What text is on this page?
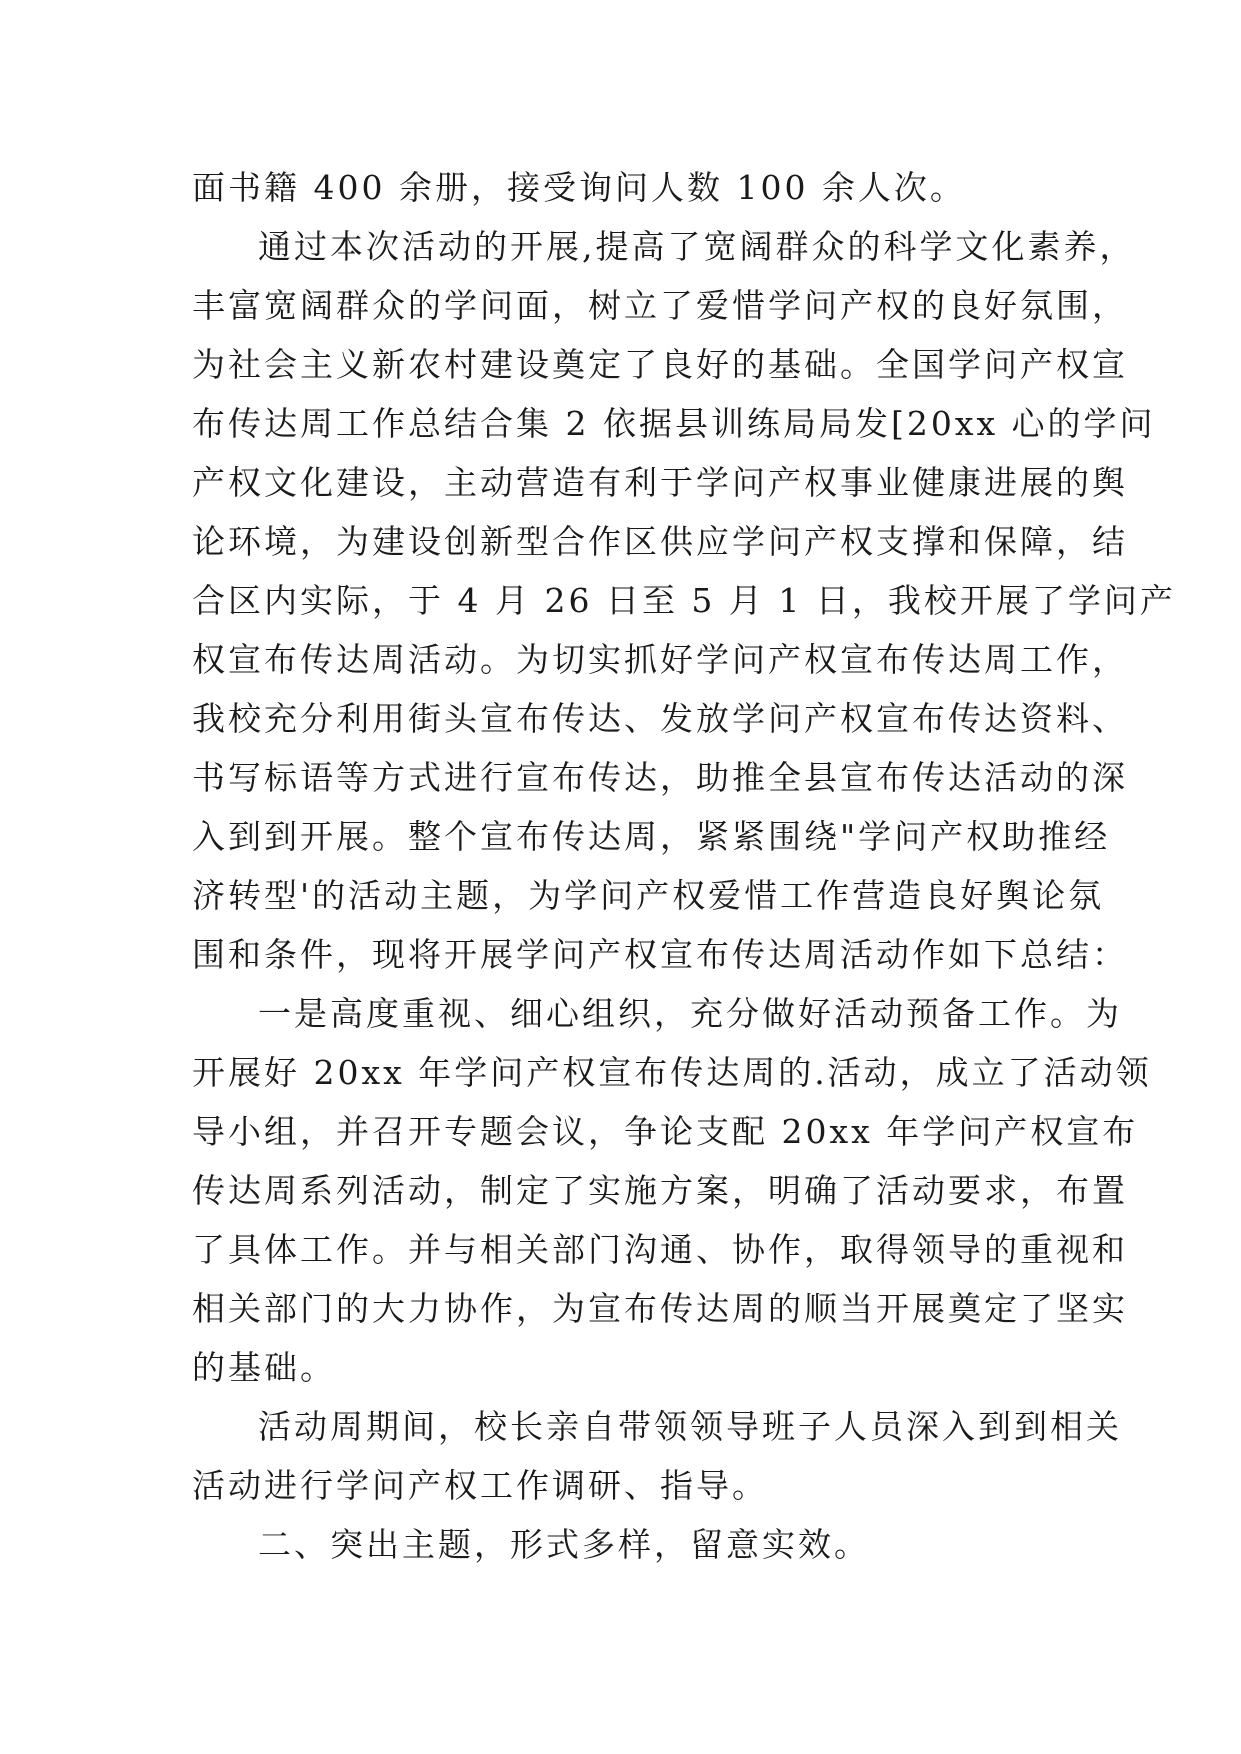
面书籍 400 余册，接受询问人数 100 余人次。
通过本次活动的开展,提高了宽阔群众的科学文化素养，
丰富宽阔群众的学问面，树立了爱惜学问产权的良好氛围，
为社会主义新农村建设奠定了良好的基础。全国学问产权宣
布传达周工作总结合集 2 依据县训练局局发[20xx 心的学问
产权文化建设，主动营造有利于学问产权事业健康进展的舆
论环境，为建设创新型合作区供应学问产权支撑和保障，结
合区内实际，于 4 月 26 日至 5 月 1 日，我校开展了学问产
权宣布传达周活动。为切实抓好学问产权宣布传达周工作，
我校充分利用街头宣布传达、发放学问产权宣布传达资料、
书写标语等方式进行宣布传达，助推全县宣布传达活动的深
入到到开展。整个宣布传达周，紧紧围绕"学问产权助推经
济转型'的活动主题，为学问产权爱惜工作营造良好舆论氛
围和条件，现将开展学问产权宣布传达周活动作如下总结：
一是高度重视、细心组织，充分做好活动预备工作。为
开展好 20xx 年学问产权宣布传达周的.活动，成立了活动领
导小组，并召开专题会议，争论支配 20xx 年学问产权宣布
传达周系列活动，制定了实施方案，明确了活动要求，布置
了具体工作。并与相关部门沟通、协作，取得领导的重视和
相关部门的大力协作，为宣布传达周的顺当开展奠定了坚实
的基础。
活动周期间，校长亲自带领领导班子人员深入到到相关
活动进行学问产权工作调研、指导。
二、突出主题，形式多样，留意实效。
